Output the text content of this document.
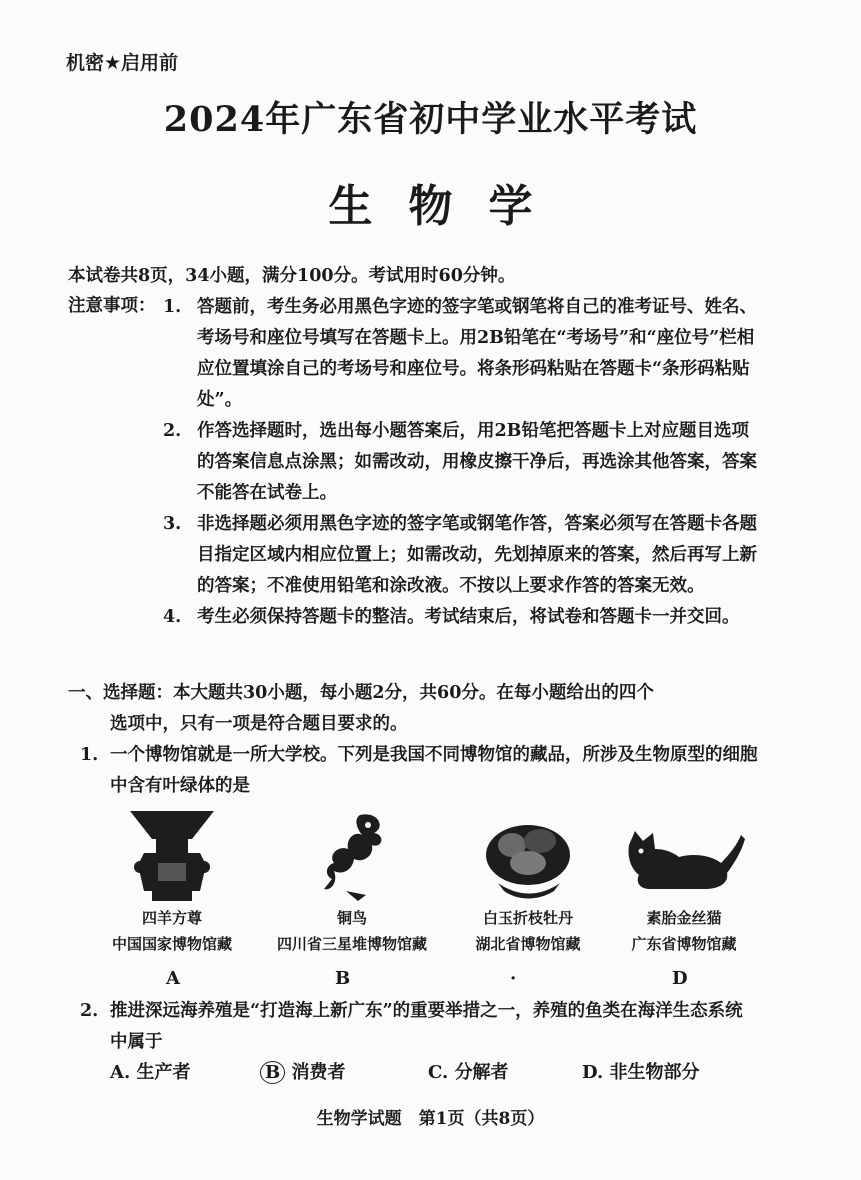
机密★启用前
2024年广东省初中学业水平考试
生物学
本试卷共8页，34小题，满分100分。考试用时60分钟。
注意事项： 1. 答题前，考生务必用黑色字迹的签字笔或钢笔将自己的准考证号、姓名、考场号和座位号填写在答题卡上。用2B铅笔在“考场号”和“座位号”栏相应位置填涂自己的考场号和座位号。将条形码粘贴在答题卡“条形码粘贴处”。
2. 作答选择题时，选出每小题答案后，用2B铅笔把答题卡上对应题目选项的答案信息点涂黑；如需改动，用橡皮擦干净后，再选涂其他答案，答案不能答在试卷上。
3. 非选择题必须用黑色字迹的签字笔或钢笔作答，答案必须写在答题卡各题目指定区域内相应位置上；如需改动，先划掉原来的答案，然后再写上新的答案；不准使用铅笔和涂改液。不按以上要求作答的答案无效。
4. 考生必须保持答题卡的整洁。考试结束后，将试卷和答题卡一并交回。
一、选择题：本大题共30小题，每小题2分，共60分。在每小题给出的四个
选项中，只有一项是符合题目要求的。
1. 一个博物馆就是一所大学校。下列是我国不同博物馆的藏品，所涉及生物原型的细胞中含有叶绿体的是
四羊方尊
中国国家博物馆藏
A
铜鸟
四川省三星堆博物馆藏
B
白玉折枝牡丹
湖北省博物馆藏
·
素胎金丝猫
广东省博物馆藏
D
2. 推进深远海养殖是“打造海上新广东”的重要举措之一，养殖的鱼类在海洋生态系统中属于
A. 生产者	B 消费者	C. 分解者	D. 非生物部分
生物学试题　第1页（共8页）
